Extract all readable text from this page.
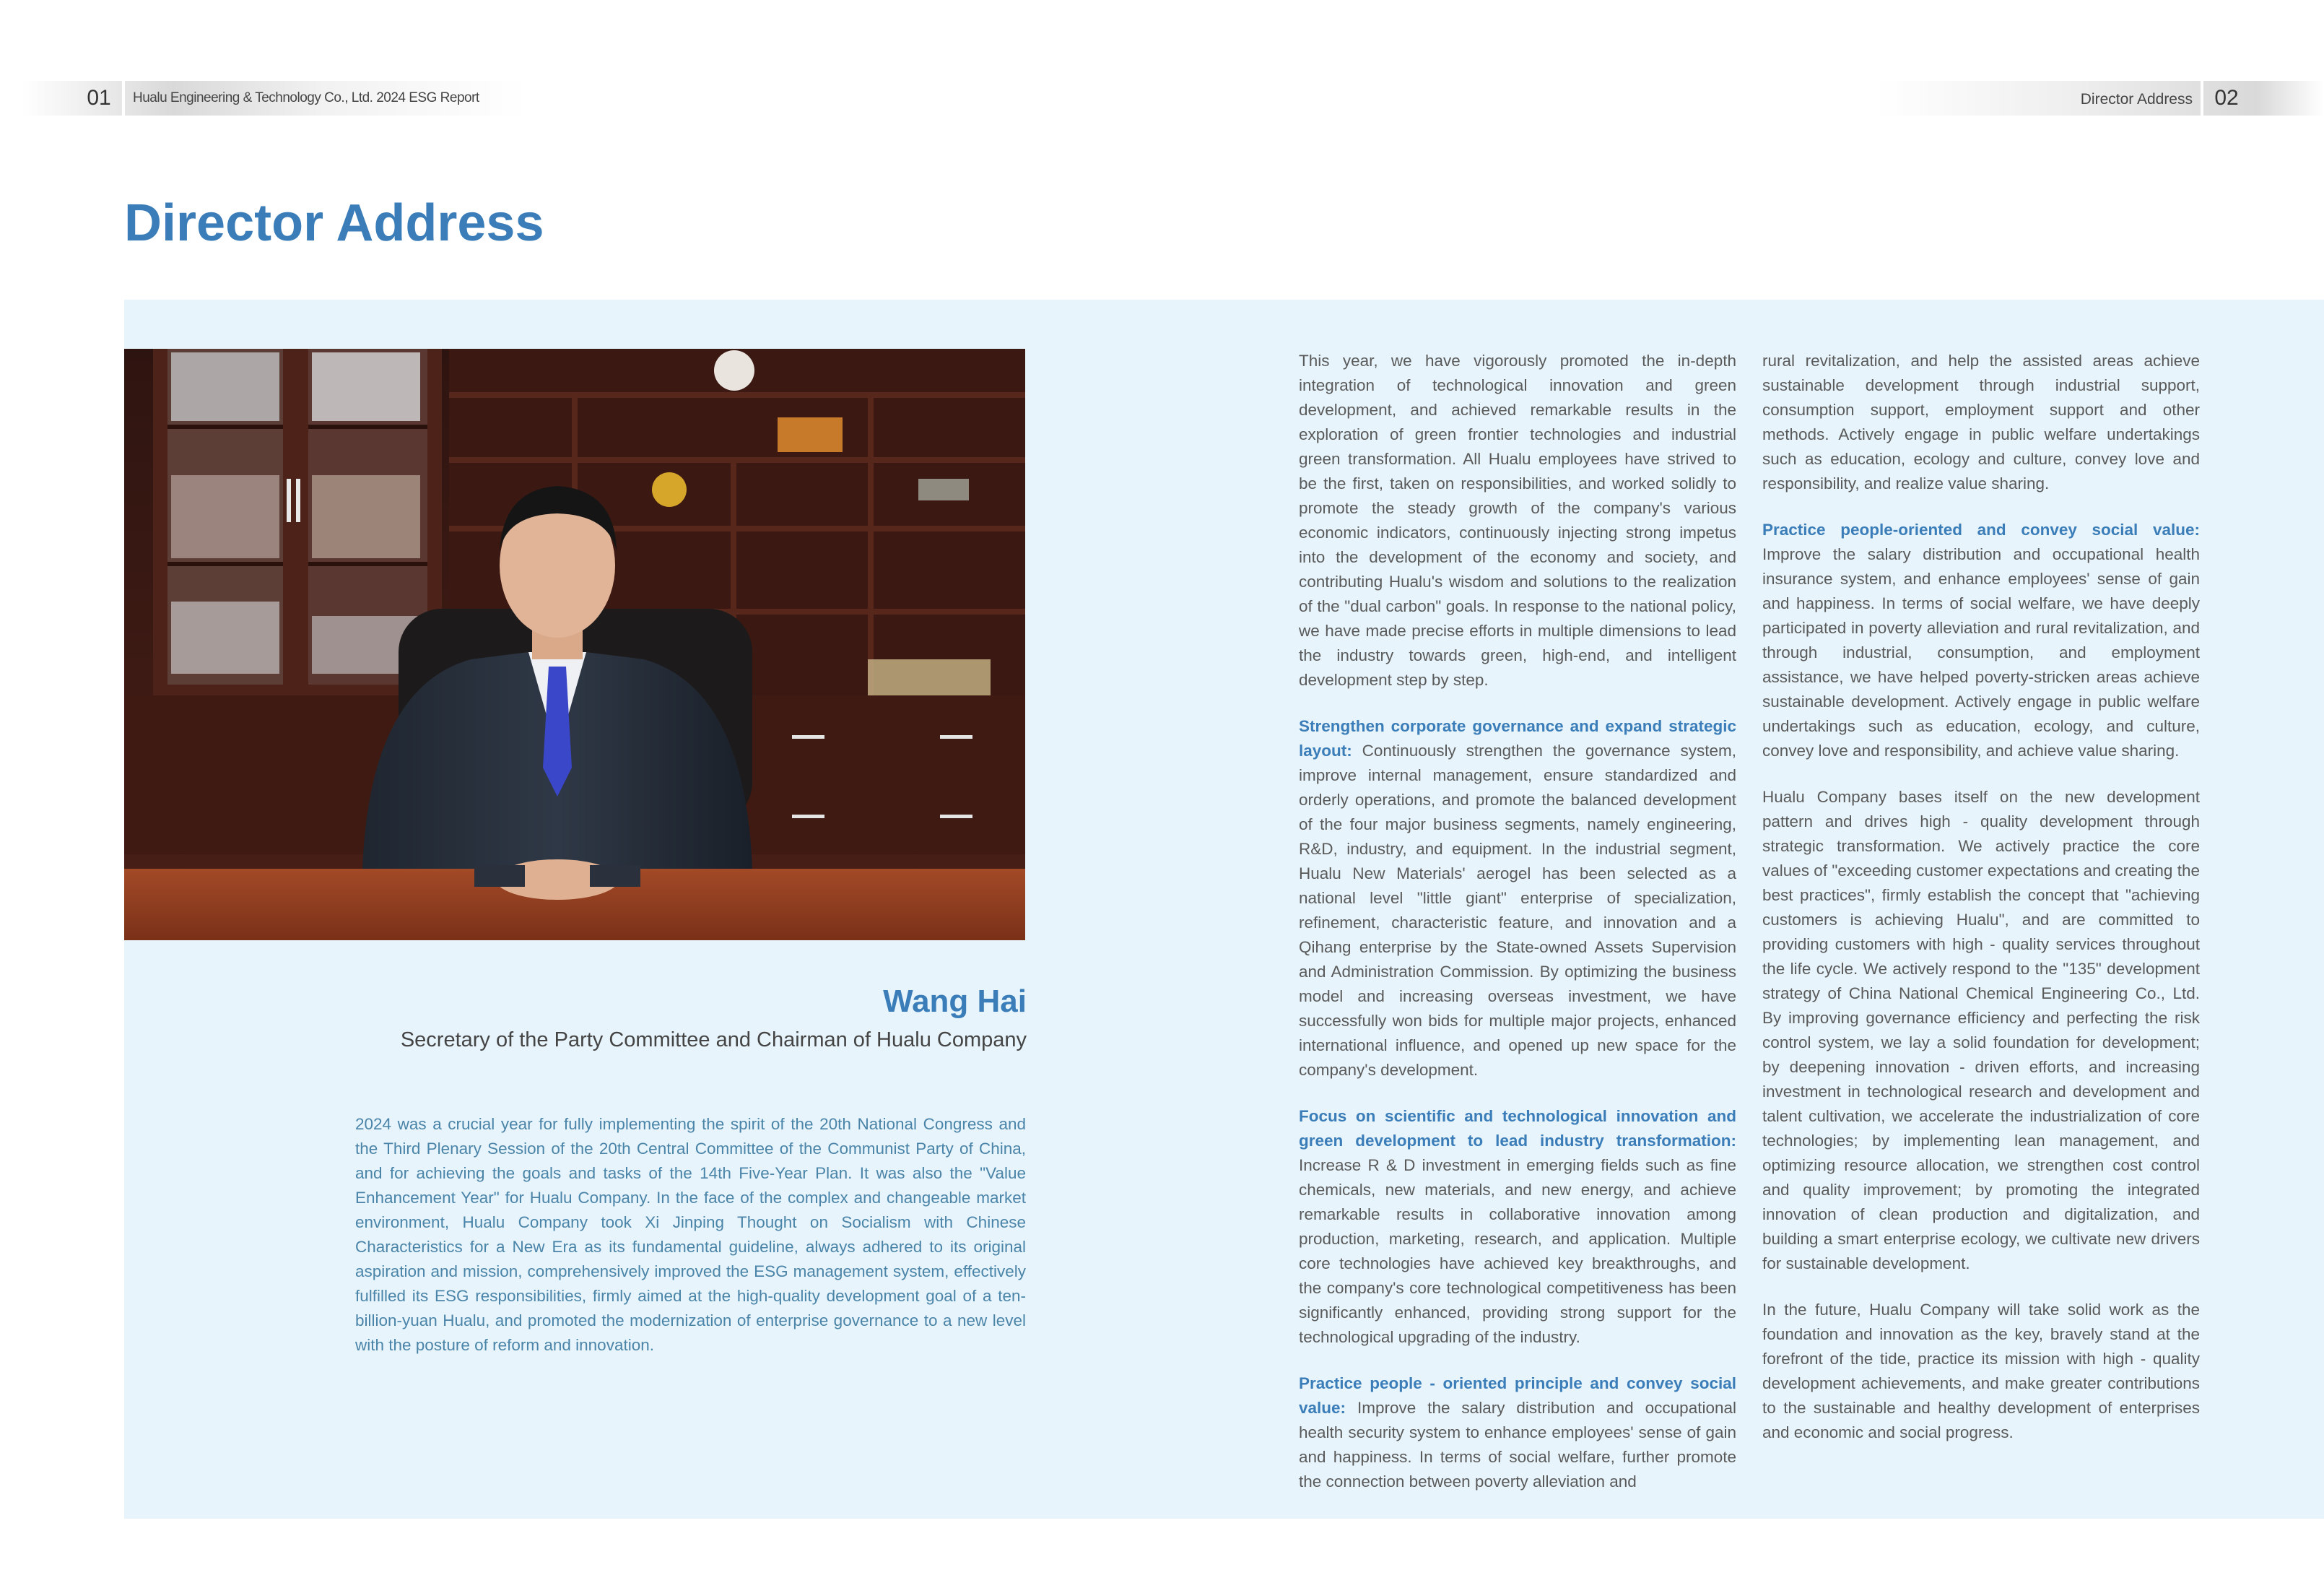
01	Hualu Engineering & Technology Co., Ltd. 2024 ESG Report	Director Address	02
Director Address
Wang Hai
Secretary of the Party Committee and Chairman of Hualu Company

2024 was a crucial year for fully implementing the spirit of the 20th National Congress and the Third Plenary Session of the 20th Central Committee of the Communist Party of China, and for achieving the goals and tasks of the 14th Five-Year Plan. It was also the "Value Enhancement Year" for Hualu Company. In the face of the complex and changeable market environment, Hualu Company took Xi Jinping Thought on Socialism with Chinese Characteristics for a New Era as its fundamental guideline, always adhered to its original aspiration and mission, comprehensively improved the ESG management system, effectively fulfilled its ESG responsibilities, firmly aimed at the high-quality development goal of a ten-billion-yuan Hualu, and promoted the modernization of enterprise governance to a new level with the posture of reform and innovation.

This year, we have vigorously promoted the in-depth integration of technological innovation and green development, and achieved remarkable results in the exploration of green frontier technologies and industrial green transformation. All Hualu employees have strived to be the first, taken on responsibilities, and worked solidly to promote the steady growth of the company's various economic indicators, continuously injecting strong impetus into the development of the economy and society, and contributing Hualu's wisdom and solutions to the realization of the "dual carbon" goals. In response to the national policy, we have made precise efforts in multiple dimensions to lead the industry towards green, high-end, and intelligent development step by step.

Strengthen corporate governance and expand strategic layout: Continuously strengthen the governance system, improve internal management, ensure standardized and orderly operations, and promote the balanced development of the four major business segments, namely engineering, R&D, industry, and equipment. In the industrial segment, Hualu New Materials' aerogel has been selected as a national level "little giant" enterprise of specialization, refinement, characteristic feature, and innovation and a Qihang enterprise by the State-owned Assets Supervision and Administration Commission. By optimizing the business model and increasing overseas investment, we have successfully won bids for multiple major projects, enhanced international influence, and opened up new space for the company's development.

Focus on scientific and technological innovation and green development to lead industry transformation: Increase R & D investment in emerging fields such as fine chemicals, new materials, and new energy, and achieve remarkable results in collaborative innovation among production, marketing, research, and application. Multiple core technologies have achieved key breakthroughs, and the company's core technological competitiveness has been significantly enhanced, providing strong support for the technological upgrading of the industry.

Practice people - oriented principle and convey social value: Improve the salary distribution and occupational health security system to enhance employees' sense of gain and happiness. In terms of social welfare, further promote the connection between poverty alleviation and

rural revitalization, and help the assisted areas achieve sustainable development through industrial support, consumption support, employment support and other methods. Actively engage in public welfare undertakings such as education, ecology and culture, convey love and responsibility, and realize value sharing.

Practice people-oriented and convey social value: Improve the salary distribution and occupational health insurance system, and enhance employees' sense of gain and happiness. In terms of social welfare, we have deeply participated in poverty alleviation and rural revitalization, and through industrial, consumption, and employment assistance, we have helped poverty-stricken areas achieve sustainable development. Actively engage in public welfare undertakings such as education, ecology, and culture, convey love and responsibility, and achieve value sharing.

Hualu Company bases itself on the new development pattern and drives high - quality development through strategic transformation. We actively practice the core values of "exceeding customer expectations and creating the best practices", firmly establish the concept that "achieving customers is achieving Hualu", and are committed to providing customers with high - quality services throughout the life cycle. We actively respond to the "135" development strategy of China National Chemical Engineering Co., Ltd. By improving governance efficiency and perfecting the risk control system, we lay a solid foundation for development; by deepening innovation - driven efforts, and increasing investment in technological research and development and talent cultivation, we accelerate the industrialization of core technologies; by implementing lean management, and optimizing resource allocation, we strengthen cost control and quality improvement; by promoting the integrated innovation of clean production and digitalization, and building a smart enterprise ecology, we cultivate new drivers for sustainable development.

In the future, Hualu Company will take solid work as the foundation and innovation as the key, bravely stand at the forefront of the tide, practice its mission with high - quality development achievements, and make greater contributions to the sustainable and healthy development of enterprises and economic and social progress.
